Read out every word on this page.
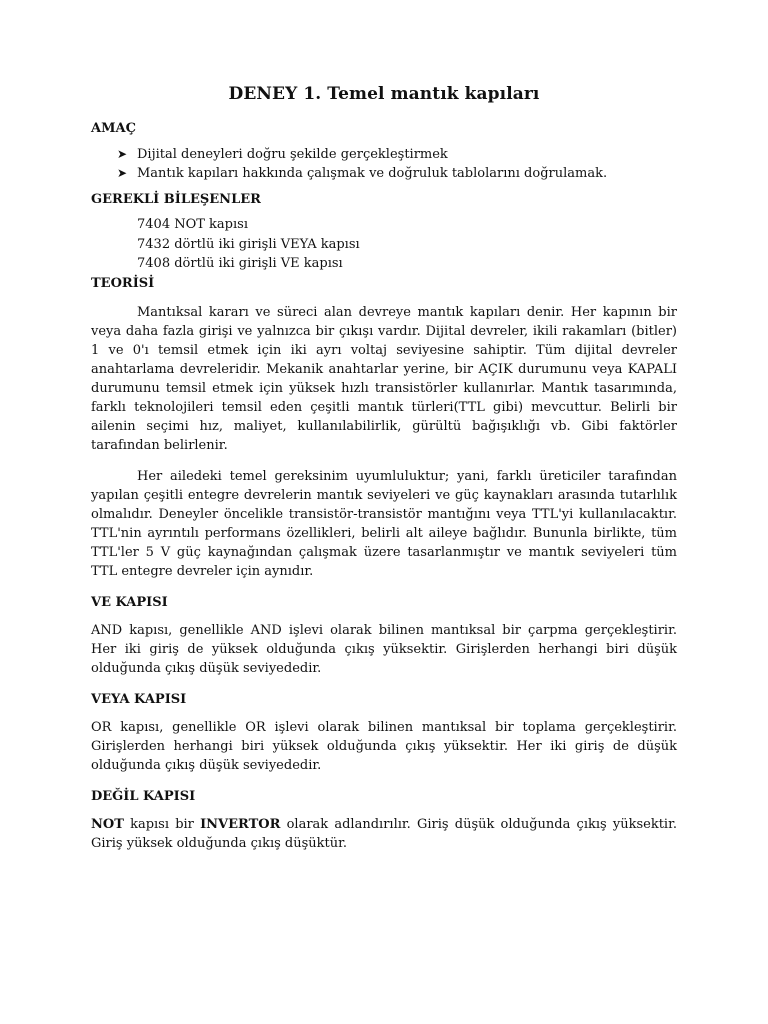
DENEY 1. Temel mantık kapıları
AMAÇ
➤ Dijital deneyleri doğru şekilde gerçekleştirmek
➤ Mantık kapıları hakkında çalışmak ve doğruluk tablolarını doğrulamak.
GEREKLİ BİLEŞENLER
7404 NOT kapısı
7432 dörtlü iki girişli VEYA kapısı
7408 dörtlü iki girişli VE kapısı
TEORİSİ

Mantıksal kararı ve süreci alan devreye mantık kapıları denir. Her kapının bir veya daha fazla girişi ve yalnızca bir çıkışı vardır. Dijital devreler, ikili rakamları (bitler) 1 ve 0'ı temsil etmek için iki ayrı voltaj seviyesine sahiptir. Tüm dijital devreler anahtarlama devreleridir. Mekanik anahtarlar yerine, bir AÇIK durumunu veya KAPALI durumunu temsil etmek için yüksek hızlı transistörler kullanırlar. Mantık tasarımında, farklı teknolojileri temsil eden çeşitli mantık türleri(TTL gibi) mevcuttur. Belirli bir ailenin seçimi hız, maliyet, kullanılabilirlik, gürültü bağışıklığı vb. Gibi faktörler tarafından belirlenir.

Her ailedeki temel gereksinim uyumluluktur; yani, farklı üreticiler tarafından yapılan çeşitli entegre devrelerin mantık seviyeleri ve güç kaynakları arasında tutarlılık olmalıdır. Deneyler öncelikle transistör-transistör mantığını veya TTL'yi kullanılacaktır. TTL'nin ayrıntılı performans özellikleri, belirli alt aileye bağlıdır. Bununla birlikte, tüm TTL'ler 5 V güç kaynağından çalışmak üzere tasarlanmıştır ve mantık seviyeleri tüm TTL entegre devreler için aynıdır.

VE KAPISI

AND kapısı, genellikle AND işlevi olarak bilinen mantıksal bir çarpma gerçekleştirir. Her iki giriş de yüksek olduğunda çıkış yüksektir. Girişlerden herhangi biri düşük olduğunda çıkış düşük seviyededir.

VEYA KAPISI

OR kapısı, genellikle OR işlevi olarak bilinen mantıksal bir toplama gerçekleştirir. Girişlerden herhangi biri yüksek olduğunda çıkış yüksektir. Her iki giriş de düşük olduğunda çıkış düşük seviyededir.

DEĞİL KAPISI

NOT kapısı bir INVERTOR olarak adlandırılır. Giriş düşük olduğunda çıkış yüksektir. Giriş yüksek olduğunda çıkış düşüktür.
